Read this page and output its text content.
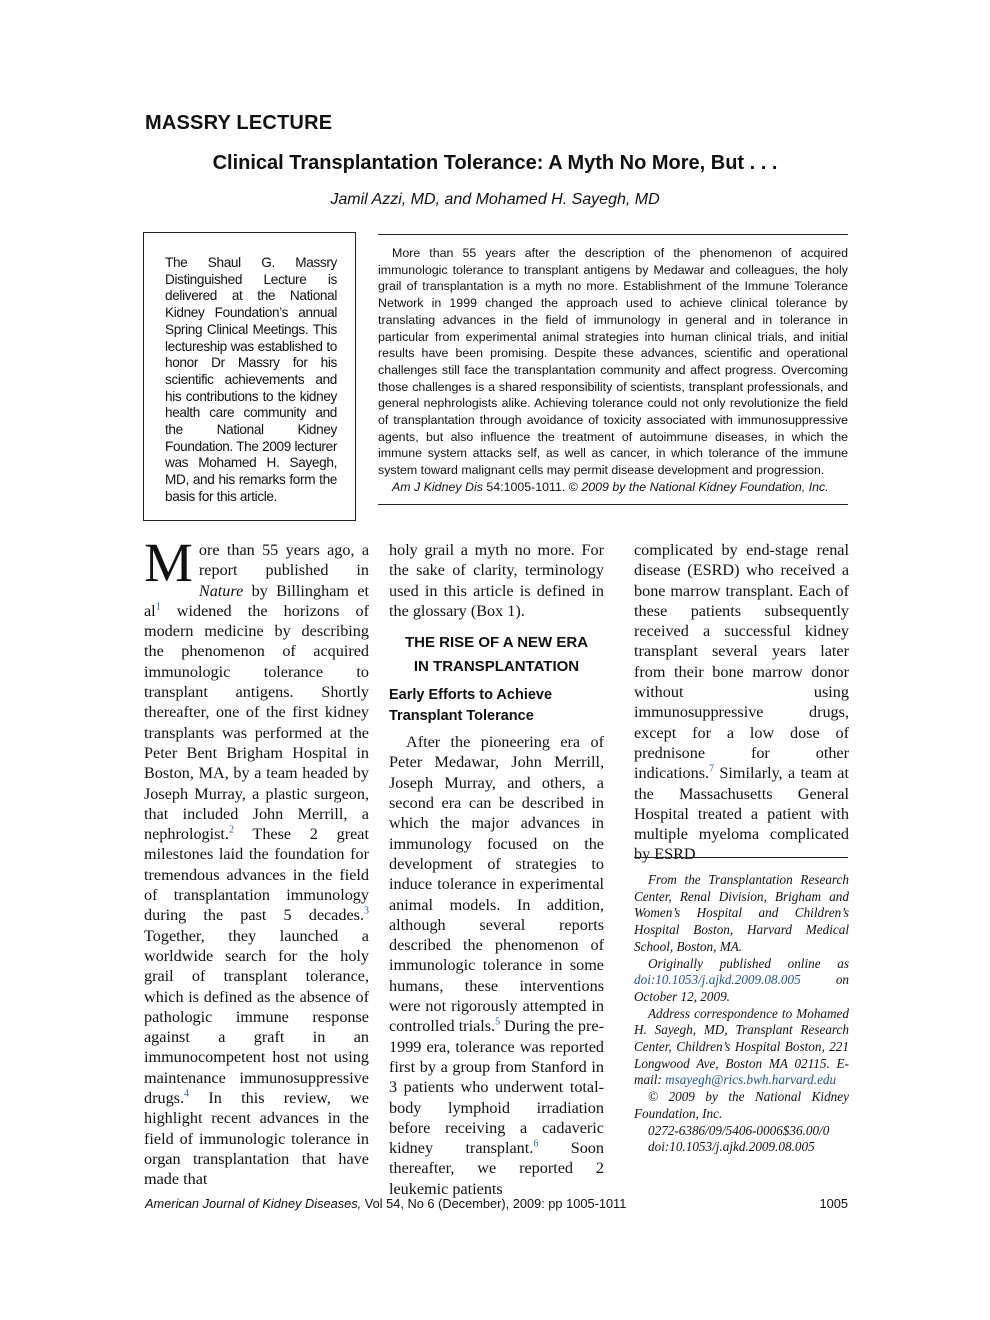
MASSRY LECTURE
Clinical Transplantation Tolerance: A Myth No More, But . . .
Jamil Azzi, MD, and Mohamed H. Sayegh, MD
The Shaul G. Massry Distinguished Lecture is delivered at the National Kidney Foundation’s annual Spring Clinical Meetings. This lectureship was established to honor Dr Massry for his scientific achievements and his contributions to the kidney health care community and the National Kidney Foundation. The 2009 lecturer was Mohamed H. Sayegh, MD, and his remarks form the basis for this article.

More than 55 years after the description of the phenomenon of acquired immunologic tolerance to transplant antigens by Medawar and colleagues, the holy grail of transplantation is a myth no more. Establishment of the Immune Tolerance Network in 1999 changed the approach used to achieve clinical tolerance by translating advances in the field of immunology in general and in tolerance in particular from experimental animal strategies into human clinical trials, and initial results have been promising. Despite these advances, scientific and operational challenges still face the transplantation community and affect progress. Overcoming those challenges is a shared responsibility of scientists, transplant professionals, and general nephrologists alike. Achieving tolerance could not only revolutionize the field of transplantation through avoidance of toxicity associated with immunosuppressive agents, but also influence the treatment of autoimmune diseases, in which the immune system attacks self, as well as cancer, in which tolerance of the immune system toward malignant cells may permit disease development and progression.

Am J Kidney Dis 54:1005-1011. © 2009 by the National Kidney Foundation, Inc.

More than 55 years ago, a report published in Nature by Billingham et $al^1$ widened the horizons of modern medicine by describing the phenomenon of acquired immunologic tolerance to transplant antigens. Shortly thereafter, one of the first kidney transplants was performed at the Peter Bent Brigham Hospital in Boston, MA, by a team headed by Joseph Murray, a plastic surgeon, that included John Merrill, a nephrologist.$^2$ These 2 great milestones laid the foundation for tremendous advances in the field of transplantation immunology during the past 5 decades.$^3$ Together, they launched a worldwide search for the holy grail of transplant tolerance, which is defined as the absence of pathologic immune response against a graft in an immunocompetent host not using maintenance immunosuppressive drugs.$^4$ In this review, we highlight recent advances in the field of immunologic tolerance in organ transplantation that have made that

holy grail a myth no more. For the sake of clarity, terminology used in this article is defined in the glossary (Box 1).

THE RISE OF A NEW ERA
IN TRANSPLANTATION

Early Efforts to Achieve
Transplant Tolerance

After the pioneering era of Peter Medawar, John Merrill, Joseph Murray, and others, a second era can be described in which the major advances in immunology focused on the development of strategies to induce tolerance in experimental animal models. In addition, although several reports described the phenomenon of immunologic tolerance in some humans, these interventions were not rigorously attempted in controlled trials.$^5$ During the pre-1999 era, tolerance was reported first by a group from Stanford in 3 patients who underwent total-body lymphoid irradiation before receiving a cadaveric kidney transplant.$^6$ Soon thereafter, we reported 2 leukemic patients

complicated by end-stage renal disease (ESRD) who received a bone marrow transplant. Each of these patients subsequently received a successful kidney transplant several years later from their bone marrow donor without using immunosuppressive drugs, except for a low dose of prednisone for other indications.$^7$ Similarly, a team at the Massachusetts General Hospital treated a patient with multiple myeloma complicated by ESRD

From the Transplantation Research Center, Renal Division, Brigham and Women’s Hospital and Children’s Hospital Boston, Harvard Medical School, Boston, MA.

Originally published online as doi:10.1053/j.ajkd.2009.08.005 on October 12, 2009.

Address correspondence to Mohamed H. Sayegh, MD, Transplant Research Center, Children’s Hospital Boston, 221 Longwood Ave, Boston MA 02115. E-mail: msayegh@rics.bwh.harvard.edu

© 2009 by the National Kidney Foundation, Inc.

0272-6386/09/5406-0006$36.00/0

doi:10.1053/j.ajkd.2009.08.005

American Journal of Kidney Diseases, Vol 54, No 6 (December), 2009: pp 1005-1011	1005
